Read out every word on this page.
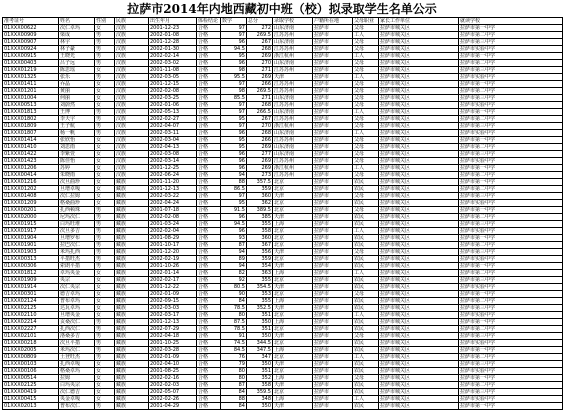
拉萨市2014年内地西藏初中班（校）拟录取学生名单公示
准考证号	姓名	性别	民族	出生年月	体检结论	数学	总分	录取学校	户籍所在地	父母职业	家长工作单位	就读学校
01XXX00622	次仁卓玛	女	汉族	2001-12-23	合格	97	272	山东济南	拉萨市	父母	拉萨市城关区	拉萨市第一中学
01XXX00909	梁成	男	汉族	2002-01-08	合格	97	269.5	江苏苏州	拉萨市	工人	拉萨市城关区	拉萨市第二中学
01XXX00907	林宇	男	汉族	2001-12-28	合格	96	267	山东济南	拉萨市	父母	拉萨市城关区	拉萨市第三中学
01XXX00924	林子豪	男	汉族	2002-01-30	合格	94.5	268	江苏苏州	拉萨市	父母	拉萨市城关区	拉萨市实验中学
01XXX00915	王晓光	男	汉族	2002-02-14	合格	95	269	浙江杭州	拉萨市	工人	拉萨市城关区	拉萨市第一中学
01XXX00403	吕子远	男	汉族	2002-03-02	合格	96	270	山东济南	拉萨市	父母	拉萨市城关区	拉萨市第二中学
01XXX01219	陈思瑶	女	汉族	2001-11-08	合格	98	271	江苏苏州	拉萨市	父母	拉萨市城关区	拉萨市第三中学
01XXX01325	张乐	男	汉族	2002-03-05	合格	95.5	269	天津	拉萨市	工人	拉萨市城关区	拉萨市实验中学
01XXX01411	乔晶	女	汉族	2001-12-15	合格	97	266	江苏苏州	拉萨市	父母	拉萨市城关区	拉萨市第一中学
01XXX01201	黄丽	女	汉族	2002-02-08	合格	98	269.5	江苏苏州	拉萨市	父母	拉萨市城关区	拉萨市第二中学
01XXX01004	何丽	女	汉族	2002-03-25	合格	85.5	271	山东济南	拉萨市	父母	拉萨市城关区	拉萨市第三中学
01XXX00513	刘蔚然	女	汉族	2002-01-06	合格	97	268	江苏苏州	拉萨市	父母	拉萨市城关区	拉萨市实验中学
01XXX01813	王博	男	汉族	2002-05-13	合格	97	266.5	山东济南	拉萨市	工人	拉萨市城关区	拉萨市第一中学
01XXX01802	李天宇	男	汉族	2002-02-27	合格	95	267	江苏苏州	拉萨市	父母	拉萨市城关区	拉萨市第二中学
01XXX01809	王子航	男	汉族	2002-04-07	合格	97	270	浙江杭州	拉萨市	父母	拉萨市城关区	拉萨市第三中学
01XXX01807	杨一帆	男	汉族	2002-03-11	合格	96	268	山东济南	拉萨市	工人	拉萨市城关区	拉萨市实验中学
01XXX01414	张欣怡	女	汉族	2002-03-04	合格	95	266	江苏苏州	拉萨市	父母	拉萨市城关区	拉萨市第一中学
01XXX01410	刘思雨	女	汉族	2002-04-13	合格	95	269	山东济南	拉萨市	父母	拉萨市城关区	拉萨市第二中学
01XXX01422	李紫萱	女	汉族	2002-03-08	合格	96	277	山东济南	拉萨市	父母	拉萨市城关区	拉萨市第三中学
01XXX01423	陈佳怡	女	汉族	2002-03-14	合格	96	269	江苏苏州	拉萨市	父母	拉萨市城关区	拉萨市实验中学
01XXX01206	苏婷	女	汉族	2001-12-25	合格	96	269	浙江杭州	拉萨市	工人	拉萨市城关区	拉萨市第一中学
01XXX00414	朱晓雨	女	汉族	2002-06-24	合格	94	273	江苏苏州	拉萨市	父母	拉萨市城关区	拉萨市第二中学
01XXX01216	次旦曲珍	女	藏族	2001-11-20	合格	88	357.5	北京	拉萨市	农民	拉萨市城关区	拉萨市第一中学
01XXX01202	旦增卓嘎	女	藏族	2001-12-13	合格	86.5	359	北京	拉萨市	农民	拉萨市城关区	拉萨市第二中学
01XXX01408	次仁拉姆	女	藏族	2002-03-22	合格	97	360	天津	拉萨市	父母	拉萨市城关区	拉萨市第三中学
01XXX01209	格桑曲珍	女	藏族	2002-04-24	合格	95	362	北京	拉萨市	农民	拉萨市城关区	拉萨市实验中学
01XXX00201	扎西顿珠	男	藏族	2001-07-18	合格	91.5	389.5	北京	拉萨市	父母	拉萨市城关区	拉萨市第一中学
01XXX02000	尼玛次仁	男	藏族	2002-02-08	合格	96	385	天津	拉萨市	农民	拉萨市城关区	拉萨市第二中学
01XXX01915	白玛旺堆	男	藏族	2001-03-24	合格	94.5	355	上海	拉萨市	农民	拉萨市城关区	拉萨市第三中学
01XXX01917	次旦多吉	男	藏族	2002-02-04	合格	96	358	北京	拉萨市	工人	拉萨市城关区	拉萨市实验中学
01XXX01904	旦增罗布	男	藏族	2001-08-29	合格	93	360	北京	拉萨市	农民	拉萨市城关区	拉萨市第一中学
01XXX01901	拉巴次仁	男	藏族	2001-10-17	合格	87	367	北京	拉萨市	农民	拉萨市城关区	拉萨市第二中学
01XXX01903	米玛扎西	男	藏族	2001-12-20	合格	94	356	天津	拉萨市	父母	拉萨市城关区	拉萨市第三中学
01XXX00313	平措旺杰	男	藏族	2002-02-19	合格	89	359	北京	拉萨市	农民	拉萨市城关区	拉萨市实验中学
01XXX00306	索朗平措	男	藏族	2001-10-26	合格	94	354	天津	拉萨市	农民	拉萨市城关区	拉萨市第一中学
01XXX01812	卓玛央金	女	藏族	2002-01-14	合格	82	363	上海	拉萨市	工人	拉萨市城关区	拉萨市第二中学
01XXX01909	央宗	女	藏族	2002-02-17	合格	92	355	北京	拉萨市	农民	拉萨市城关区	拉萨市第三中学
01XXX01914	次仁央宗	女	藏族	2001-12-22	合格	80.5	354.5	天津	拉萨市	农民	拉萨市城关区	拉萨市实验中学
01XXX00301	德吉卓玛	女	藏族	2002-01-09	合格	90	353	北京	拉萨市	父母	拉萨市城关区	拉萨市第一中学
01XXX02124	普布卓玛	女	藏族	2002-09-15	合格	84	355	上海	拉萨市	农民	拉萨市城关区	拉萨市第二中学
01XXX02125	达瓦卓玛	女	藏族	2002-03-03	合格	78.5	352.5	天津	拉萨市	农民	拉萨市城关区	拉萨市第三中学
01XXX02110	旦增央金	女	藏族	2002-03-17	合格	80	351	北京	拉萨市	工人	拉萨市城关区	拉萨市实验中学
01XXX02214	贡桑次仁	男	藏族	2001-12-13	合格	87.5	350	上海	拉萨市	农民	拉萨市城关区	拉萨市第一中学
01XXX02227	扎西次仁	男	藏族	2002-07-29	合格	78.5	351	北京	拉萨市	农民	拉萨市城关区	拉萨市第二中学
01XXX02101	洛桑多吉	男	藏族	2002-04-18	合格	91	350	天津	拉萨市	父母	拉萨市城关区	拉萨市第三中学
01XXX00218	次旦平措	男	藏族	2001-10-25	合格	74.5	344.5	北京	拉萨市	农民	拉萨市城关区	拉萨市实验中学
01XXX02005	米玛次仁	男	藏族	2002-03-28	合格	84.5	347.5	上海	拉萨市	农民	拉萨市城关区	拉萨市第一中学
01XXX00809	土登旺杰	男	藏族	2002-01-09	合格	76	347	北京	拉萨市	工人	拉萨市城关区	拉萨市第二中学
01XXX00103	扎西卓嘎	女	藏族	2002-04-10	合格	79	350	天津	拉萨市	农民	拉萨市城关区	拉萨市第三中学
01XXX00106	格桑卓玛	女	藏族	2001-08-25	合格	80	351	北京	拉萨市	农民	拉萨市城关区	拉萨市实验中学
01XXX00514	拉姆	女	藏族	2002-02-16	合格	80	352	上海	拉萨市	父母	拉萨市城关区	拉萨市第一中学
01XXX02125	白玛央宗	女	藏族	2002-02-03	合格	87	358	天津	拉萨市	农民	拉萨市城关区	拉萨市第二中学
01XXX00419	次仁德吉	女	藏族	2002-05-07	合格	84	359.5	北京	拉萨市	农民	拉萨市城关区	拉萨市第三中学
01XXX00415	央金卓嘎	女	藏族	2002-02-26	合格	88	348	上海	拉萨市	工人	拉萨市城关区	拉萨市实验中学
01XXX02013	普布次仁	男	藏族	2001-04-29	合格	84	350	天津	拉萨市	农民	拉萨市城关区	拉萨市第一中学
